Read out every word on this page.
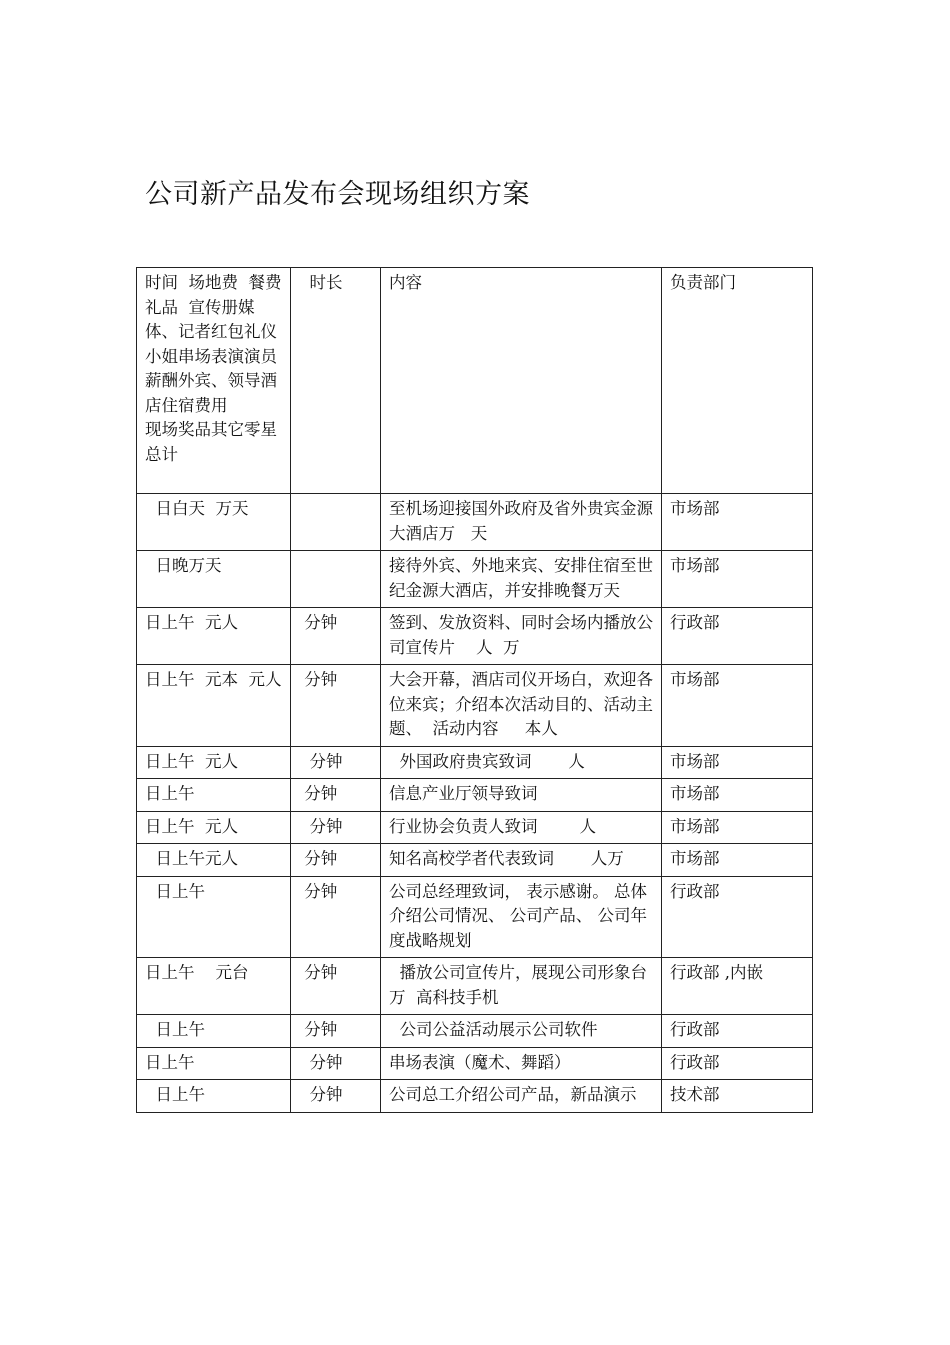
公司新产品发布会现场组织方案
时间  场地费  餐费礼品  宣传册媒体、记者红包礼仪小姐串场表演演员薪酬外宾、领导酒店住宿费用
现场奖品其它零星总计	时长	内容	负责部门
日白天  万天		至机场迎接国外政府及省外贵宾金源大酒店万   天	市场部
日晚万天		接待外宾、外地来宾、安排住宿至世纪金源大酒店，并安排晚餐万天	市场部
日上午  元人	分钟	签到、发放资料、同时会场内播放公司宣传片    人  万	行政部
日上午  元本  元人	分钟	大会开幕，酒店司仪开场白，欢迎各位来宾；介绍本次活动目的、活动主题、  活动内容     本人	市场部
日上午  元人	分钟	外国政府贵宾致词       人	市场部
日上午	分钟	信息产业厅领导致词	市场部
日上午  元人	分钟	行业协会负责人致词        人	市场部
日上午元人	分钟	知名高校学者代表致词       人万	市场部
日上午	分钟	公司总经理致词， 表示感谢。 总体介绍公司情况、 公司产品、 公司年度战略规划	行政部
日上午    元台	分钟	播放公司宣传片，展现公司形象台  万  高科技手机	行政部 ,内嵌
日上午	分钟	公司公益活动展示公司软件	行政部
日上午	分钟	串场表演（魔术、舞蹈）	行政部
日上午	分钟	公司总工介绍公司产品，新品演示	技术部
